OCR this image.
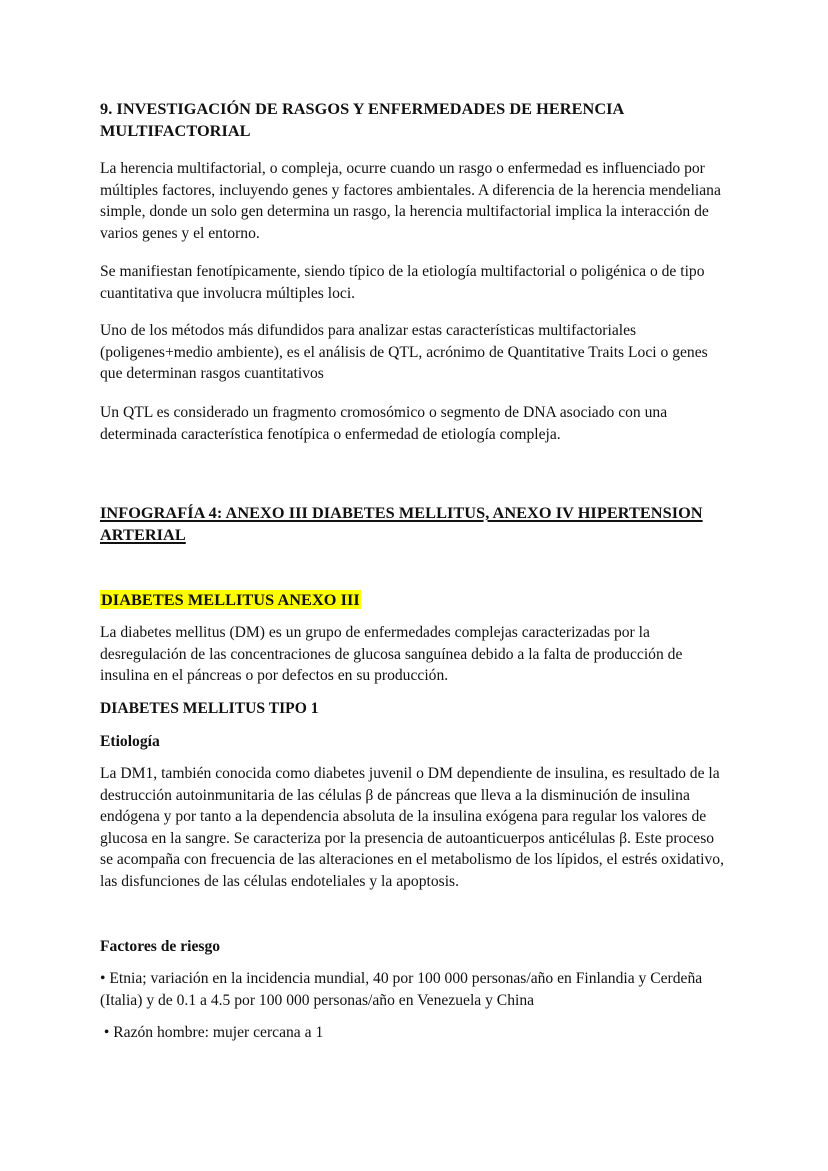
9. INVESTIGACIÓN DE RASGOS Y ENFERMEDADES DE HERENCIA MULTIFACTORIAL
La herencia multifactorial, o compleja, ocurre cuando un rasgo o enfermedad es influenciado por múltiples factores, incluyendo genes y factores ambientales. A diferencia de la herencia mendeliana simple, donde un solo gen determina un rasgo, la herencia multifactorial implica la interacción de varios genes y el entorno.
Se manifiestan fenotípicamente, siendo típico de la etiología multifactorial o poligénica o de tipo cuantitativa que involucra múltiples loci.
Uno de los métodos más difundidos para analizar estas características multifactoriales (poligenes+medio ambiente), es el análisis de QTL, acrónimo de Quantitative Traits Loci o genes que determinan rasgos cuantitativos
Un QTL es considerado un fragmento cromosómico o segmento de DNA asociado con una determinada característica fenotípica o enfermedad de etiología compleja.
INFOGRAFÍA 4: ANEXO III DIABETES MELLITUS, ANEXO IV HIPERTENSION ARTERIAL
DIABETES MELLITUS ANEXO III
La diabetes mellitus (DM) es un grupo de enfermedades complejas caracterizadas por la desregulación de las concentraciones de glucosa sanguínea debido a la falta de producción de insulina en el páncreas o por defectos en su producción.
DIABETES MELLITUS TIPO 1
Etiología
La DM1, también conocida como diabetes juvenil o DM dependiente de insulina, es resultado de la destrucción autoinmunitaria de las células β de páncreas que lleva a la disminución de insulina endógena y por tanto a la dependencia absoluta de la insulina exógena para regular los valores de glucosa en la sangre. Se caracteriza por la presencia de autoanticuerpos anticélulas β. Este proceso se acompaña con frecuencia de las alteraciones en el metabolismo de los lípidos, el estrés oxidativo, las disfunciones de las células endoteliales y la apoptosis.
Factores de riesgo
• Etnia; variación en la incidencia mundial, 40 por 100 000 personas/año en Finlandia y Cerdeña (Italia) y de 0.1 a 4.5 por 100 000 personas/año en Venezuela y China
• Razón hombre: mujer cercana a 1
